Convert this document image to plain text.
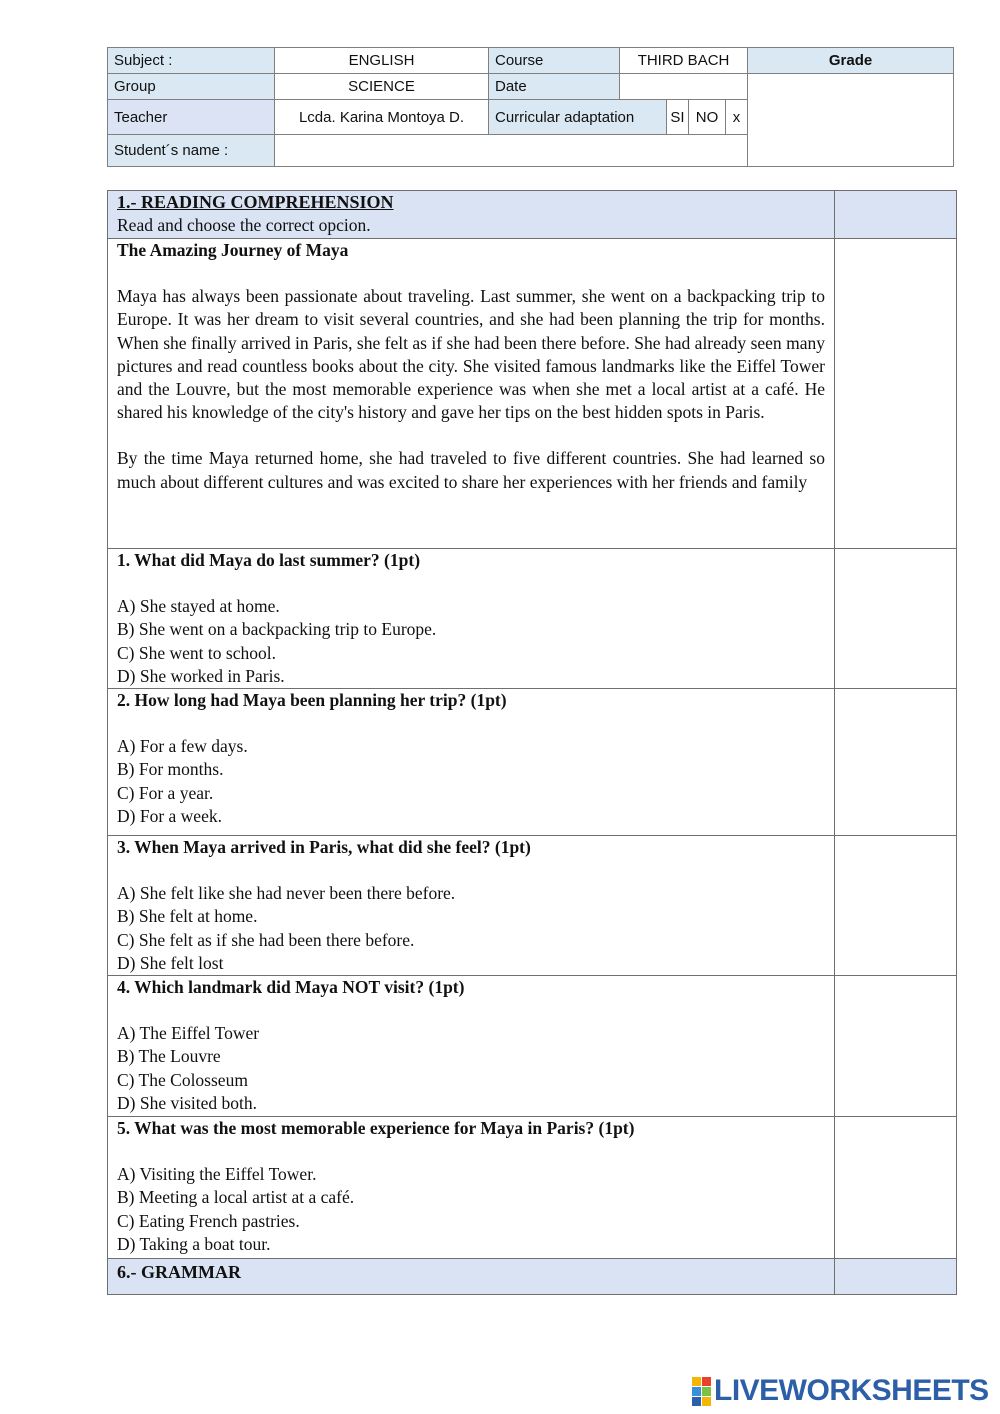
Subject :	ENGLISH	Course	THIRD BACH				Grade
Group	SCIENCE	Date					
Teacher	Lcda. Karina Montoya D.	Curricular adaptation		SI	NO	x	
Student´s name :							
1.- READING COMPREHENSION
Read and choose the correct opcion.	

The Amazing Journey of Maya

Maya has always been passionate about traveling. Last summer, she went on a backpacking trip to Europe. It was her dream to visit several countries, and she had been planning the trip for months. When she finally arrived in Paris, she felt as if she had been there before. She had already seen many pictures and read countless books about the city. She visited famous landmarks like the Eiffel Tower and the Louvre, but the most memorable experience was when she met a local artist at a café. He shared his knowledge of the city's history and gave her tips on the best hidden spots in Paris.

By the time Maya returned home, she had traveled to five different countries. She had learned so much about different cultures and was excited to share her experiences with her friends and family	

1. What did Maya do last summer? (1pt)
A) She stayed at home.
B) She went on a backpacking trip to Europe.
C) She went to school.
D) She worked in Paris.	

2. How long had Maya been planning her trip? (1pt)
A) For a few days.
B) For months.
C) For a year.
D) For a week.	

3. When Maya arrived in Paris, what did she feel? (1pt)
A) She felt like she had never been there before.
B) She felt at home.
C) She felt as if she had been there before.
D) She felt lost	

4. Which landmark did Maya NOT visit? (1pt)
A) The Eiffel Tower
B) The Louvre
C) The Colosseum
D) She visited both.	

5. What was the most memorable experience for Maya in Paris? (1pt)
A) Visiting the Eiffel Tower.
B) Meeting a local artist at a café.
C) Eating French pastries.
D) Taking a boat tour.	

6.- GRAMMAR	
LIVEWORKSHEETS
